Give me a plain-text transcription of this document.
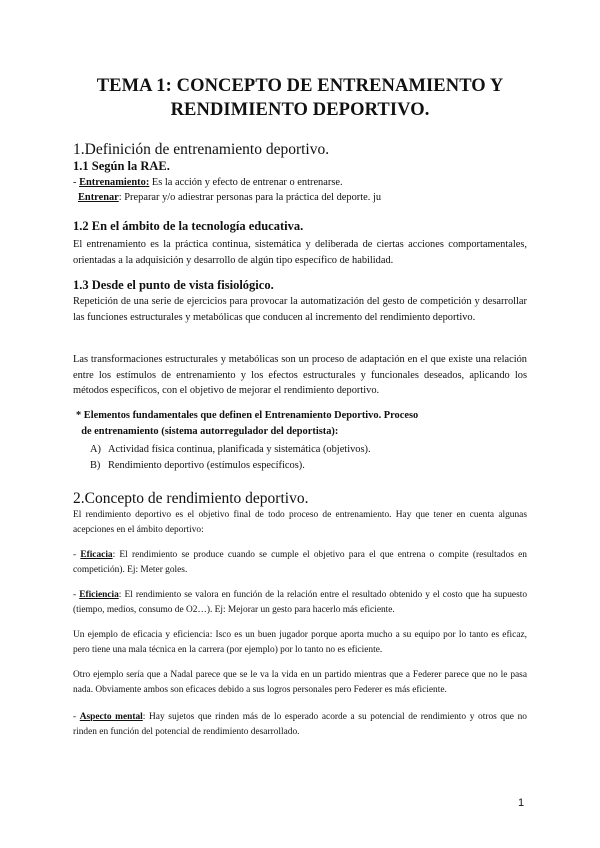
TEMA 1: CONCEPTO DE ENTRENAMIENTO Y
RENDIMIENTO DEPORTIVO.
1.Definición de entrenamiento deportivo.
1.1 Según la RAE.
- Entrenamiento: Es la acción y efecto de entrenar o entrenarse.
Entrenar: Preparar y/o adiestrar personas para la práctica del deporte. ju
1.2 En el ámbito de la tecnología educativa.
El entrenamiento es la práctica continua, sistemática y deliberada de ciertas acciones comportamentales, orientadas a la adquisición y desarrollo de algún tipo específico de habilidad.
1.3 Desde el punto de vista fisiológico.
Repetición de una serie de ejercicios para provocar la automatización del gesto de competición y desarrollar las funciones estructurales y metabólicas que conducen al incremento del rendimiento deportivo.
Las transformaciones estructurales y metabólicas son un proceso de adaptación en el que existe una relación entre los estímulos de entrenamiento y los efectos estructurales y funcionales deseados, aplicando los métodos específicos, con el objetivo de mejorar el rendimiento deportivo.
* Elementos fundamentales que definen el Entrenamiento Deportivo. Proceso
de entrenamiento (sistema autorregulador del deportista):
A) Actividad física continua, planificada y sistemática (objetivos).
B) Rendimiento deportivo (estímulos específicos).
2.Concepto de rendimiento deportivo.
El rendimiento deportivo es el objetivo final de todo proceso de entrenamiento. Hay que tener en cuenta algunas acepciones en el ámbito deportivo:
- Eficacia: El rendimiento se produce cuando se cumple el objetivo para el que entrena o compite (resultados en competición). Ej: Meter goles.
- Eficiencia: El rendimiento se valora en función de la relación entre el resultado obtenido y el costo que ha supuesto (tiempo, medios, consumo de O2…). Ej: Mejorar un gesto para hacerlo más eficiente.
Un ejemplo de eficacia y eficiencia: Isco es un buen jugador porque aporta mucho a su equipo por lo tanto es eficaz, pero tiene una mala técnica en la carrera (por ejemplo) por lo tanto no es eficiente.
Otro ejemplo sería que a Nadal parece que se le va la vida en un partido mientras que a Federer parece que no le pasa nada. Obviamente ambos son eficaces debido a sus logros personales pero Federer es más eficiente.
- Aspecto mental: Hay sujetos que rinden más de lo esperado acorde a su potencial de rendimiento y otros que no rinden en función del potencial de rendimiento desarrollado.
1
